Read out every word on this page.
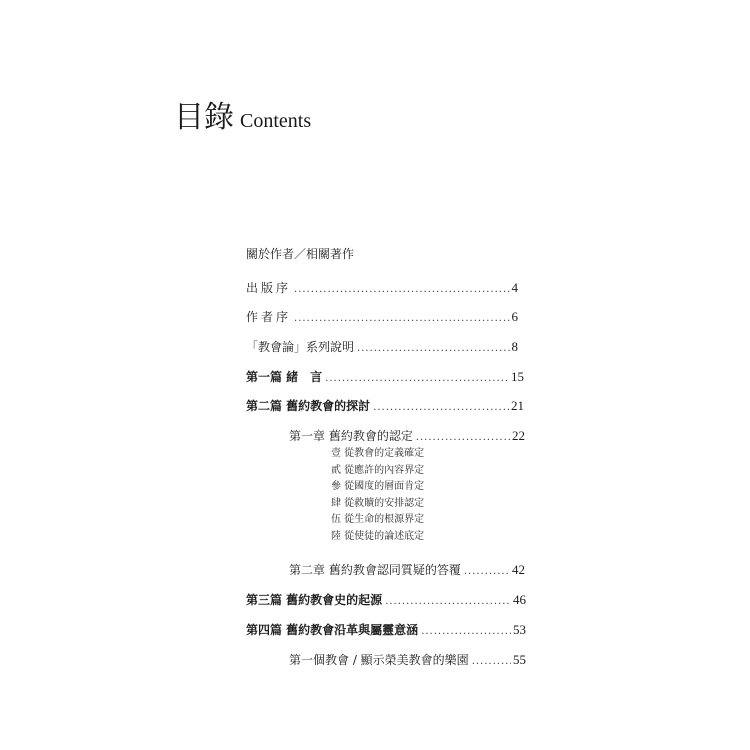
目錄 Contents
關於作者／相關著作
出版序 .....	4
作者序 .....	6
「教會論」系列說明 .....	8
第一篇 緒　言 .....	15
第二篇 舊約教會的探討 .....	21
第一章 舊約教會的認定 .....	22
壹 從教會的定義確定
貳 從應許的內容界定
參 從國度的層面肯定
肆 從救贖的安排認定
伍 從生命的根源界定
陸 從使徒的論述底定
第二章 舊約教會認同質疑的答覆 .....	42
第三篇 舊約教會史的起源 .....	46
第四篇 舊約教會沿革與屬靈意涵 .....	53
第一個教會 / 顯示榮美教會的樂園 .....	55
